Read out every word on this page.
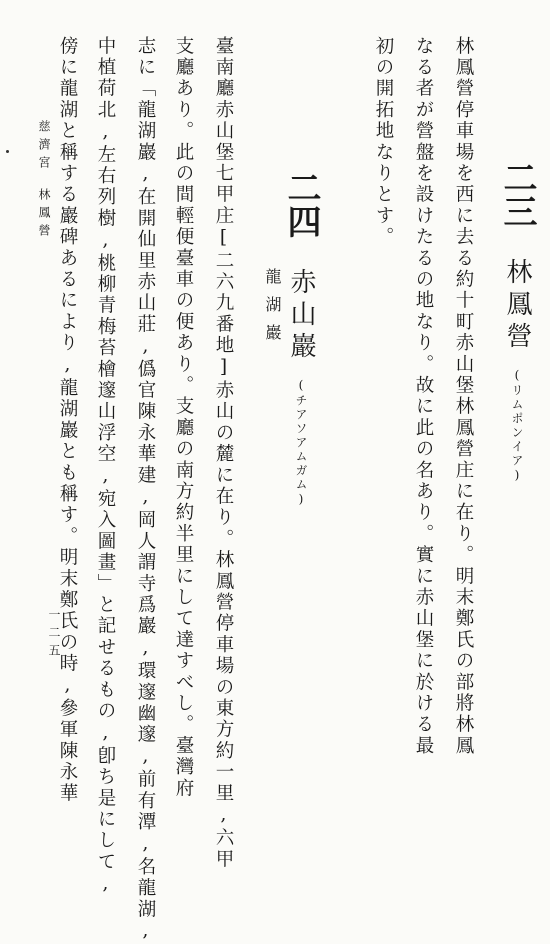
二三林鳳營(リムポンイア)
林鳳營停車場を西に去る約十町赤山堡林鳳營庄に在り。明末鄭氏の部將林鳳
なる者が營盤を設けたるの地なり。故に此の名あり。實に赤山堡に於ける最
初の開拓地なりとす。
二四赤山巖(チアソアムガム)
龍湖巖
臺南廳赤山堡七甲庄[二六九番地]赤山の麓に在り。林鳳營停車場の東方約一里,六甲
支廳あり。此の間輕便臺車の便あり。支廳の南方約半里にして達すべし。臺灣府
志に「龍湖巖,在開仙里赤山莊,僞官陳永華建,岡人謂寺爲巖,環邃幽邃,前有潭,名龍湖,
中植荷北,左右列樹,桃柳青梅苔檜邃山浮空,宛入圖畫」と記せるもの,卽ち是にして,
傍に龍湖と稱する巖碑あるにより,龍湖巖とも稱す。明末鄭氏の時,參軍陳永華
林鳳營
慈濟宮
一二五
